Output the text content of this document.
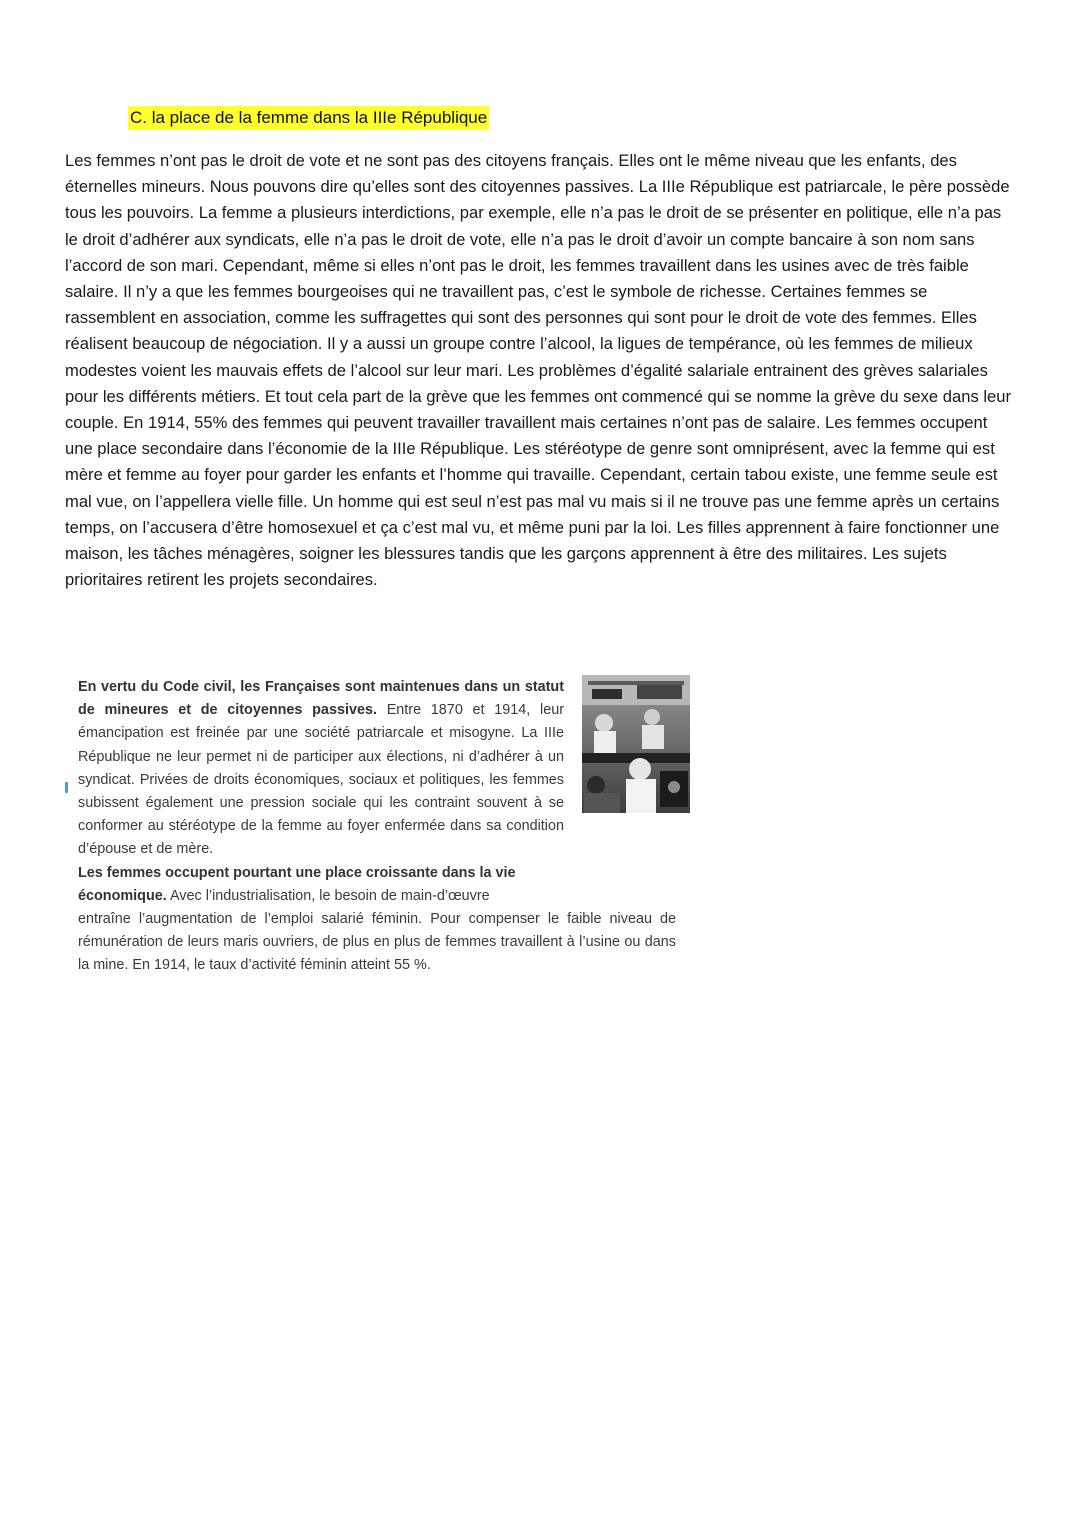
C. la place de la femme dans la IIIe République

Les femmes n’ont pas le droit de vote et ne sont pas des citoyens français. Elles ont le même niveau que les enfants, des éternelles mineurs. Nous pouvons dire qu’elles sont des citoyennes passives. La IIIe République est patriarcale, le père possède tous les pouvoirs. La femme a plusieurs interdictions, par exemple, elle n’a pas le droit de se présenter en politique, elle n’a pas le droit d’adhérer aux syndicats, elle n’a pas le droit de vote, elle n’a pas le droit d’avoir un compte bancaire à son nom sans l’accord de son mari. Cependant, même si elles n’ont pas le droit, les femmes travaillent dans les usines avec de très faible salaire. Il n’y a que les femmes bourgeoises qui ne travaillent pas, c’est le symbole de richesse. Certaines femmes se rassemblent en association, comme les suffragettes qui sont des personnes qui sont pour le droit de vote des femmes. Elles réalisent beaucoup de négociation. Il y a aussi un groupe contre l’alcool, la ligues de tempérance, où les femmes de milieux modestes voient les mauvais effets de l’alcool sur leur mari. Les problèmes d’égalité salariale entrainent des grèves salariales pour les différents métiers. Et tout cela part de la grève que les femmes ont commencé qui se nomme la grève du sexe dans leur couple. En 1914, 55% des femmes qui peuvent travailler travaillent mais certaines n’ont pas de salaire. Les femmes occupent une place secondaire dans l’économie de la IIIe République. Les stéréotype de genre sont omniprésent, avec la femme qui est mère et femme au foyer pour garder les enfants et l’homme qui travaille. Cependant, certain tabou existe, une femme seule est mal vue, on l’appellera vielle fille. Un homme qui est seul n’est pas mal vu mais si il ne trouve pas une femme après un certains temps, on l’accusera d’être homosexuel et ça c’est mal vu, et même puni par la loi. Les filles apprennent à faire fonctionner une maison, les tâches ménagères, soigner les blessures tandis que les garçons apprennent à être des militaires. Les sujets prioritaires retirent les projets secondaires.

En vertu du Code civil, les Françaises sont maintenues dans un statut de mineures et de citoyennes passives. Entre 1870 et 1914, leur émancipation est freinée par une société patriarcale et misogyne. La IIIe République ne leur permet ni de participer aux élections, ni d’adhérer à un syndicat. Privées de droits économiques, sociaux et politiques, les femmes subissent également une pression sociale qui les contraint souvent à se conformer au stéréotype de la femme au foyer enfermée dans sa condition d’épouse et de mère.

Les femmes occupent pourtant une place croissante dans la vie
économique. Avec l’industrialisation, le besoin de main-d’œuvre

entraîne l’augmentation de l’emploi salarié féminin. Pour compenser le faible niveau de rémunération de leurs maris ouvriers, de plus en plus de femmes travaillent à l’usine ou dans la mine. En 1914, le taux d’activité féminin atteint 55 %.
